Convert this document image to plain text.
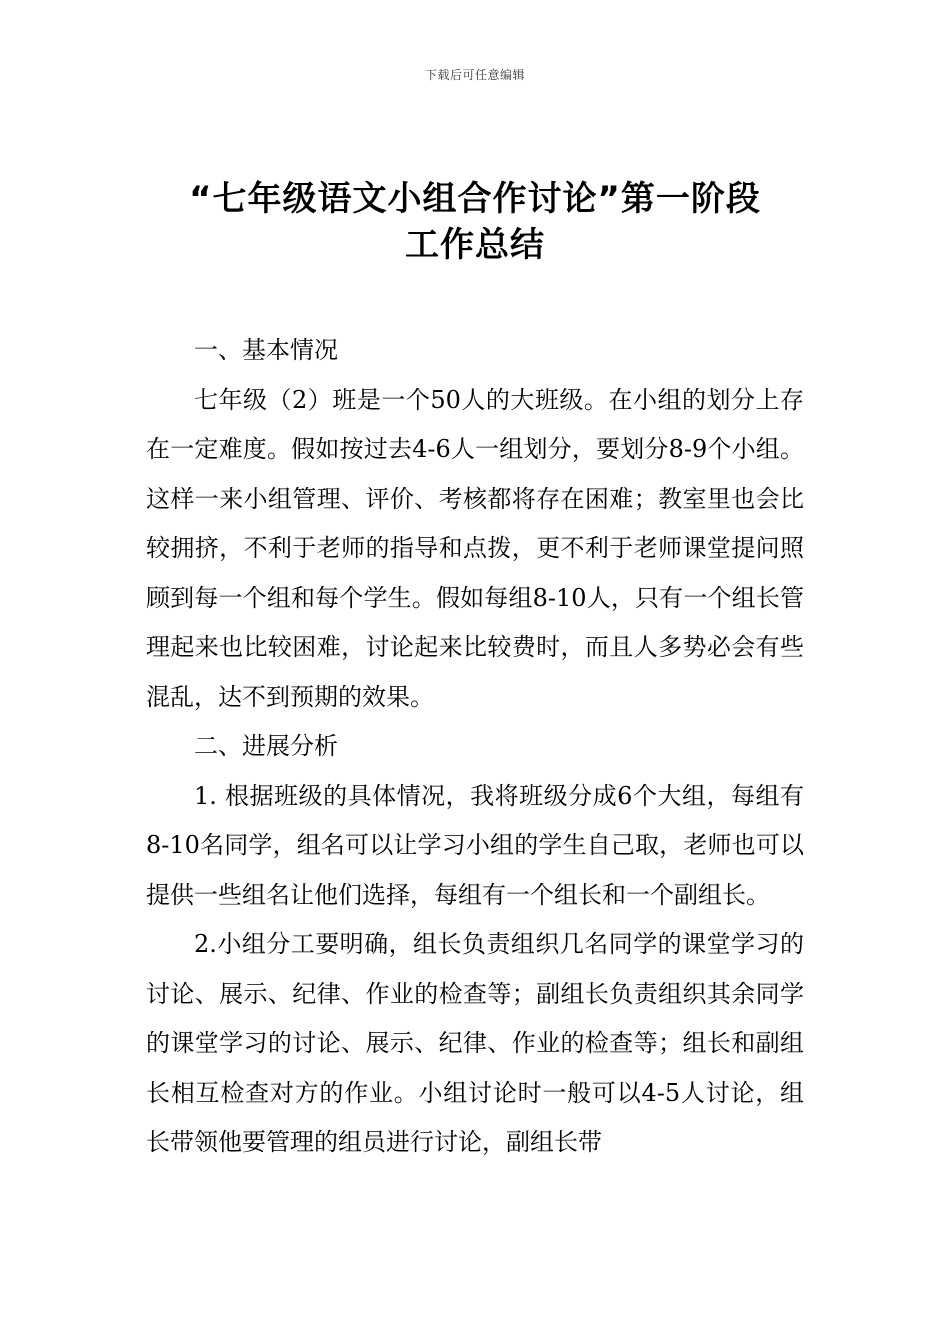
下载后可任意编辑
“七年级语文小组合作讨论”第一阶段
工作总结

一、基本情况

七年级（2）班是一个50人的大班级。在小组的划分上存在一定难度。假如按过去4-6人一组划分，要划分8-9个小组。这样一来小组管理、评价、考核都将存在困难；教室里也会比较拥挤，不利于老师的指导和点拨，更不利于老师课堂提问照顾到每一个组和每个学生。假如每组8-10人，只有一个组长管理起来也比较困难，讨论起来比较费时，而且人多势必会有些混乱，达不到预期的效果。

二、进展分析

1. 根据班级的具体情况，我将班级分成6个大组，每组有8-10名同学，组名可以让学习小组的学生自己取，老师也可以提供一些组名让他们选择，每组有一个组长和一个副组长。

2.小组分工要明确，组长负责组织几名同学的课堂学习的讨论、展示、纪律、作业的检查等；副组长负责组织其余同学的课堂学习的讨论、展示、纪律、作业的检查等；组长和副组长相互检查对方的作业。小组讨论时一般可以4-5人讨论，组长带领他要管理的组员进行讨论，副组长带
